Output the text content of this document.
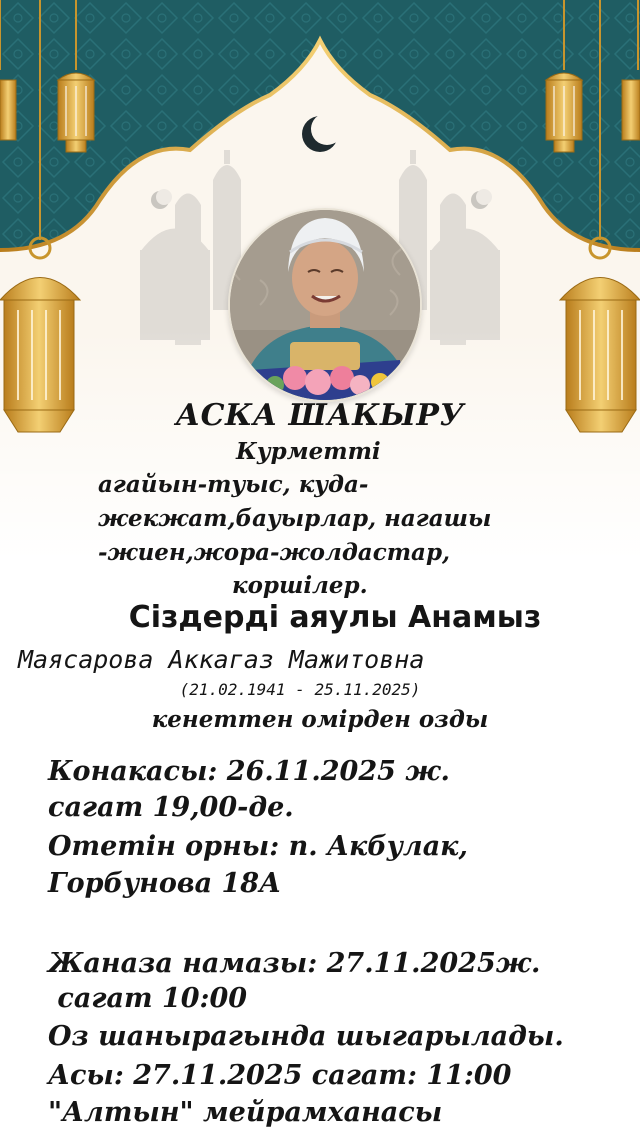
АСКА ШАКЫРУ
Курметті
агайын-туыс, куда-
жекжат,бауырлар, нагашы
-жиен,жора-жолдастар,
коршілер.
Сіздерді аяулы Анамыз
Маясарова Аккагаз Мажитовна
(21.02.1941 - 25.11.2025)
кенеттен омірден озды
Конакасы: 26.11.2025 ж.
сагат 19,00-де.
Отетін орны: п. Акбулак,
Горбунова 18А
Жаназа намазы: 27.11.2025ж.
сагат 10:00
Оз шаныpагында шыгарылады.
Асы: 27.11.2025 сагат: 11:00
"Алтын" мейрамханасы
